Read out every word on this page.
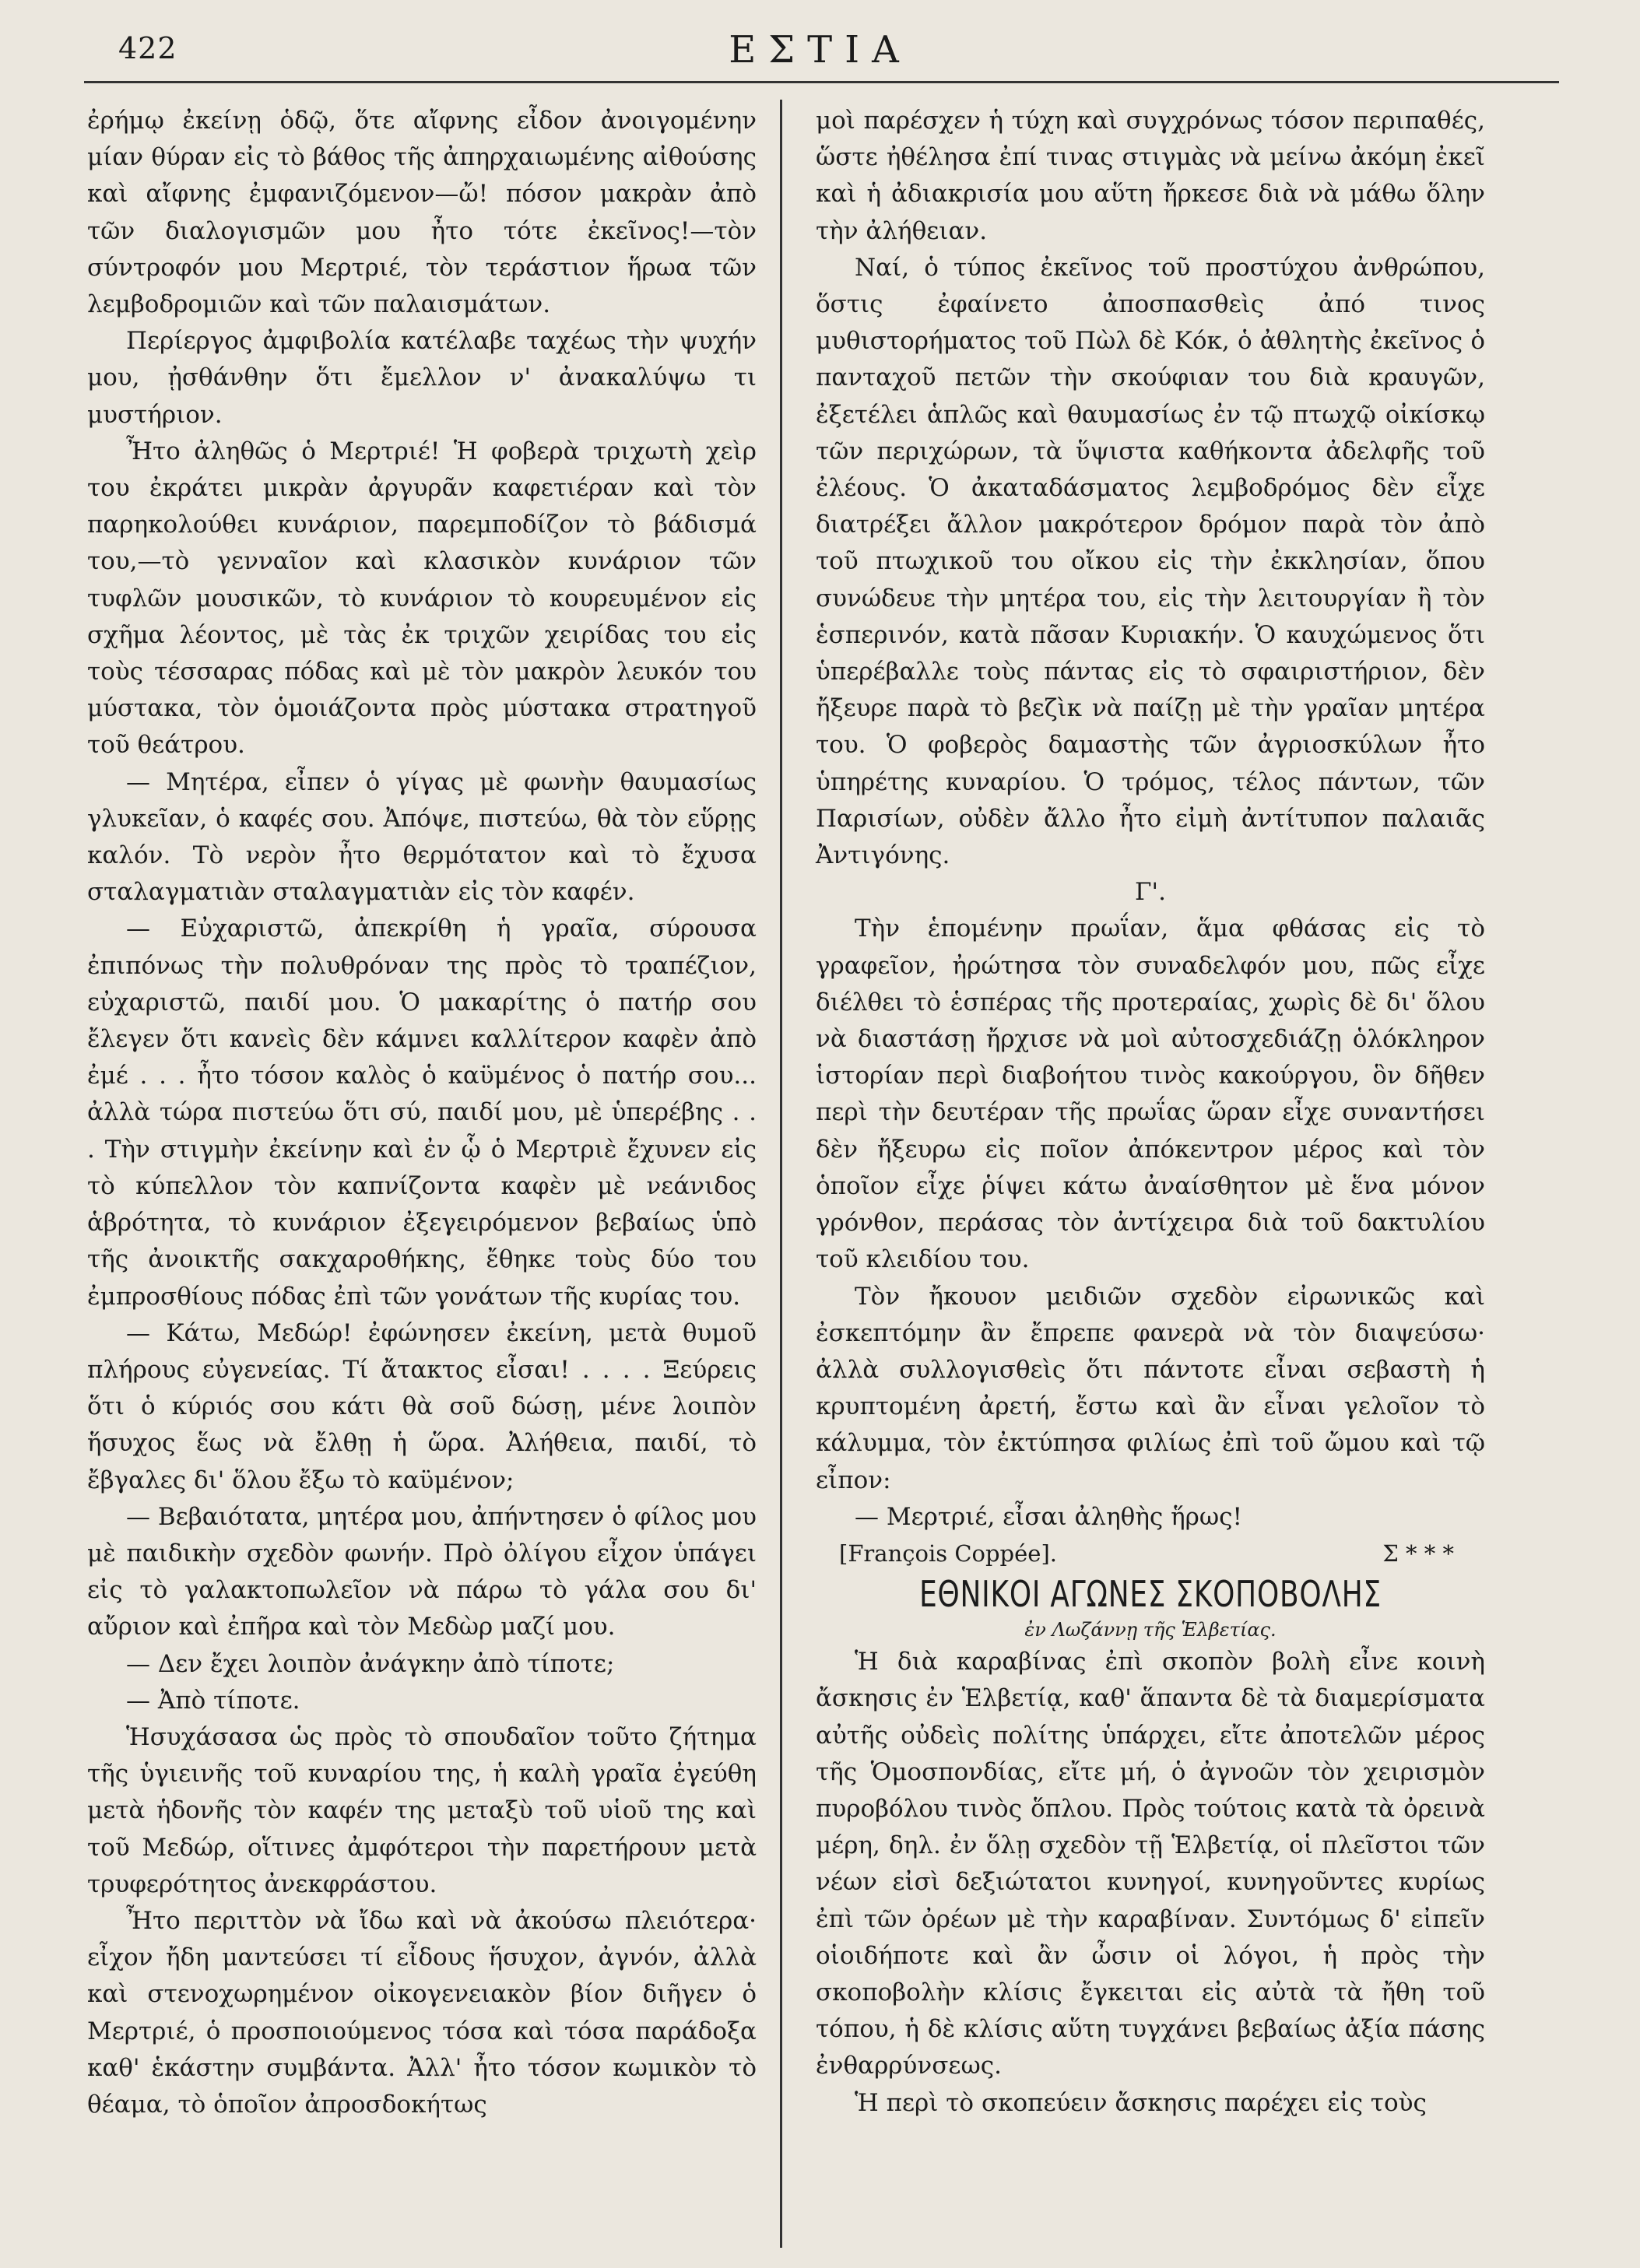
422	ΕΣΤΙΑ

ἐρήμῳ ἐκείνῃ ὁδῷ, ὅτε αἴφνης εἶδον ἀνοιγομένην μίαν θύραν εἰς τὸ βάθος τῆς ἀπηρχαιωμένης αἰθούσης καὶ αἴφνης ἐμφανιζόμενον—ὤ! πόσον μακρὰν ἀπὸ τῶν διαλογισμῶν μου ἦτο τότε ἐκεῖνος!—τὸν σύντροφόν μου Μερτριέ, τὸν τεράστιον ἥρωα τῶν λεμβοδρομιῶν καὶ τῶν παλαισμάτων.

Περίεργος ἀμφιβολία κατέλαβε ταχέως τὴν ψυχήν μου, ᾐσθάνθην ὅτι ἔμελλον ν' ἀνακαλύψω τι μυστήριον.

Ἦτο ἀληθῶς ὁ Μερτριέ! Ἡ φοβερὰ τριχωτὴ χεὶρ του ἐκράτει μικρὰν ἀργυρᾶν καφετιέραν καὶ τὸν παρηκολούθει κυνάριον, παρεμποδίζον τὸ βάδισμά του,—τὸ γενναῖον καὶ κλασικὸν κυνάριον τῶν τυφλῶν μουσικῶν, τὸ κυνάριον τὸ κουρευμένον εἰς σχῆμα λέοντος, μὲ τὰς ἐκ τριχῶν χειρίδας του εἰς τοὺς τέσσαρας πόδας καὶ μὲ τὸν μακρὸν λευκόν του μύστακα, τὸν ὁμοιάζοντα πρὸς μύστακα στρατηγοῦ τοῦ θεάτρου.

— Μητέρα, εἶπεν ὁ γίγας μὲ φωνὴν θαυμασίως γλυκεῖαν, ὁ καφές σου. Ἀπόψε, πιστεύω, θὰ τὸν εὕρῃς καλόν. Τὸ νερὸν ἦτο θερμότατον καὶ τὸ ἔχυσα σταλαγματιὰν σταλαγματιὰν εἰς τὸν καφέν.

— Εὐχαριστῶ, ἀπεκρίθη ἡ γραῖα, σύρουσα ἐπιπόνως τὴν πολυθρόναν της πρὸς τὸ τραπέζιον, εὐχαριστῶ, παιδί μου. Ὁ μακαρίτης ὁ πατήρ σου ἔλεγεν ὅτι κανεὶς δὲν κάμνει καλλίτερον καφὲν ἀπὸ ἐμέ . . . ἦτο τόσον καλὸς ὁ καϋμένος ὁ πατήρ σου... ἀλλὰ τώρα πιστεύω ὅτι σύ, παιδί μου, μὲ ὑπερέβης . . . Τὴν στιγμὴν ἐκείνην καὶ ἐν ᾧ ὁ Μερτριὲ ἔχυνεν εἰς τὸ κύπελλον τὸν καπνίζοντα καφὲν μὲ νεάνιδος ἁβρότητα, τὸ κυνάριον ἐξεγειρόμενον βεβαίως ὑπὸ τῆς ἀνοικτῆς σακχαροθήκης, ἔθηκε τοὺς δύο του ἐμπροσθίους πόδας ἐπὶ τῶν γονάτων τῆς κυρίας του.

— Κάτω, Μεδώρ! ἐφώνησεν ἐκείνη, μετὰ θυμοῦ πλήρους εὐγενείας. Τί ἄτακτος εἶσαι! . . . . Ξεύρεις ὅτι ὁ κύριός σου κάτι θὰ σοῦ δώσῃ, μένε λοιπὸν ἥσυχος ἕως νὰ ἔλθῃ ἡ ὥρα. Ἀλήθεια, παιδί, τὸ ἔβγαλες δι' ὅλου ἔξω τὸ καϋμένον;

— Βεβαιότατα, μητέρα μου, ἀπήντησεν ὁ φίλος μου μὲ παιδικὴν σχεδὸν φωνήν. Πρὸ ὀλίγου εἶχον ὑπάγει εἰς τὸ γαλακτοπωλεῖον νὰ πάρω τὸ γάλα σου δι' αὔριον καὶ ἐπῆρα καὶ τὸν Μεδὼρ μαζί μου.

— Δεν ἔχει λοιπὸν ἀνάγκην ἀπὸ τίποτε;

— Ἀπὸ τίποτε.

Ἡσυχάσασα ὡς πρὸς τὸ σπουδαῖον τοῦτο ζήτημα τῆς ὑγιεινῆς τοῦ κυναρίου της, ἡ καλὴ γραῖα ἐγεύθη μετὰ ἡδονῆς τὸν καφέν της μεταξὺ τοῦ υἱοῦ της καὶ τοῦ Μεδώρ, οἵτινες ἀμφότεροι τὴν παρετήρουν μετὰ τρυφερότητος ἀνεκφράστου.

Ἦτο περιττὸν νὰ ἴδω καὶ νὰ ἀκούσω πλειότερα· εἶχον ἤδη μαντεύσει τί εἶδους ἥσυχον, ἀγνόν, ἀλλὰ καὶ στενοχωρημένον οἰκογενειακὸν βίον διῆγεν ὁ Μερτριέ, ὁ προσποιούμενος τόσα καὶ τόσα παράδοξα καθ' ἑκάστην συμβάντα. Ἀλλ' ἦτο τόσον κωμικὸν τὸ θέαμα, τὸ ὁποῖον ἀπροσδοκήτως

μοὶ παρέσχεν ἡ τύχη καὶ συγχρόνως τόσον περιπαθές, ὥστε ἠθέλησα ἐπί τινας στιγμὰς νὰ μείνω ἀκόμη ἐκεῖ καὶ ἡ ἀδιακρισία μου αὕτη ἤρκεσε διὰ νὰ μάθω ὅλην τὴν ἀλήθειαν.

Ναί, ὁ τύπος ἐκεῖνος τοῦ προστύχου ἀνθρώπου, ὅστις ἐφαίνετο ἀποσπασθεὶς ἀπό τινος μυθιστορήματος τοῦ Πὼλ δὲ Κόκ, ὁ ἀθλητὴς ἐκεῖνος ὁ πανταχοῦ πετῶν τὴν σκούφιαν του διὰ κραυγῶν, ἐξετέλει ἁπλῶς καὶ θαυμασίως ἐν τῷ πτωχῷ οἰκίσκῳ τῶν περιχώρων, τὰ ὕψιστα καθήκοντα ἀδελφῆς τοῦ ἐλέους. Ὁ ἀκαταδάσματος λεμβοδρόμος δὲν εἶχε διατρέξει ἄλλον μακρότερον δρόμον παρὰ τὸν ἀπὸ τοῦ πτωχικοῦ του οἴκου εἰς τὴν ἐκκλησίαν, ὅπου συνώδευε τὴν μητέρα του, εἰς τὴν λειτουργίαν ἢ τὸν ἑσπερινόν, κατὰ πᾶσαν Κυριακήν. Ὁ καυχώμενος ὅτι ὑπερέβαλλε τοὺς πάντας εἰς τὸ σφαιριστήριον, δὲν ἤξευρε παρὰ τὸ βεζὶκ νὰ παίζῃ μὲ τὴν γραῖαν μητέρα του. Ὁ φοβερὸς δαμαστὴς τῶν ἀγριοσκύλων ἦτο ὑπηρέτης κυναρίου. Ὁ τρόμος, τέλος πάντων, τῶν Παρισίων, οὐδὲν ἄλλο ἦτο εἰμὴ ἀντίτυπον παλαιᾶς Ἀντιγόνης.

Γ'.

Τὴν ἑπομένην πρωΐαν, ἅμα φθάσας εἰς τὸ γραφεῖον, ἠρώτησα τὸν συναδελφόν μου, πῶς εἶχε διέλθει τὸ ἑσπέρας τῆς προτεραίας, χωρὶς δὲ δι' ὅλου νὰ διαστάσῃ ἤρχισε νὰ μοὶ αὐτοσχεδιάζῃ ὁλόκληρον ἱστορίαν περὶ διαβοήτου τινὸς κακούργου, ὃν δῆθεν περὶ τὴν δευτέραν τῆς πρωΐας ὥραν εἶχε συναντήσει δὲν ἤξευρω εἰς ποῖον ἀπόκεντρον μέρος καὶ τὸν ὁποῖον εἶχε ῥίψει κάτω ἀναίσθητον μὲ ἕνα μόνον γρόνθον, περάσας τὸν ἀντίχειρα διὰ τοῦ δακτυλίου τοῦ κλειδίου του.

Τὸν ἤκουον μειδιῶν σχεδὸν εἰρωνικῶς καὶ ἐσκεπτόμην ἂν ἔπρεπε φανερὰ νὰ τὸν διαψεύσω· ἀλλὰ συλλογισθεὶς ὅτι πάντοτε εἶναι σεβαστὴ ἡ κρυπτομένη ἀρετή, ἔστω καὶ ἂν εἶναι γελοῖον τὸ κάλυμμα, τὸν ἐκτύπησα φιλίως ἐπὶ τοῦ ὤμου καὶ τῷ εἶπον:

— Μερτριέ, εἶσαι ἀληθὴς ἥρως!

[François Coppée].	Σ * * *

ΕΘΝΙΚΟΙ ΑΓΩΝΕΣ ΣΚΟΠΟΒΟΛΗΣ

ἐν Λωζάννῃ τῆς Ἑλβετίας.

Ἡ διὰ καραβίνας ἐπὶ σκοπὸν βολὴ εἶνε κοινὴ ἄσκησις ἐν Ἑλβετίᾳ, καθ' ἅπαντα δὲ τὰ διαμερίσματα αὐτῆς οὐδεὶς πολίτης ὑπάρχει, εἴτε ἀποτελῶν μέρος τῆς Ὁμοσπονδίας, εἴτε μή, ὁ ἀγνοῶν τὸν χειρισμὸν πυροβόλου τινὸς ὅπλου. Πρὸς τούτοις κατὰ τὰ ὀρεινὰ μέρη, δηλ. ἐν ὅλῃ σχεδὸν τῇ Ἑλβετίᾳ, οἱ πλεῖστοι τῶν νέων εἰσὶ δεξιώτατοι κυνηγοί, κυνηγοῦντες κυρίως ἐπὶ τῶν ὀρέων μὲ τὴν καραβίναν. Συντόμως δ' εἰπεῖν οἱοιδήποτε καὶ ἂν ὦσιν οἱ λόγοι, ἡ πρὸς τὴν σκοποβολὴν κλίσις ἔγκειται εἰς αὐτὰ τὰ ἤθη τοῦ τόπου, ἡ δὲ κλίσις αὕτη τυγχάνει βεβαίως ἀξία πάσης ἐνθαρρύνσεως.

Ἡ περὶ τὸ σκοπεύειν ἄσκησις παρέχει εἰς τοὺς
